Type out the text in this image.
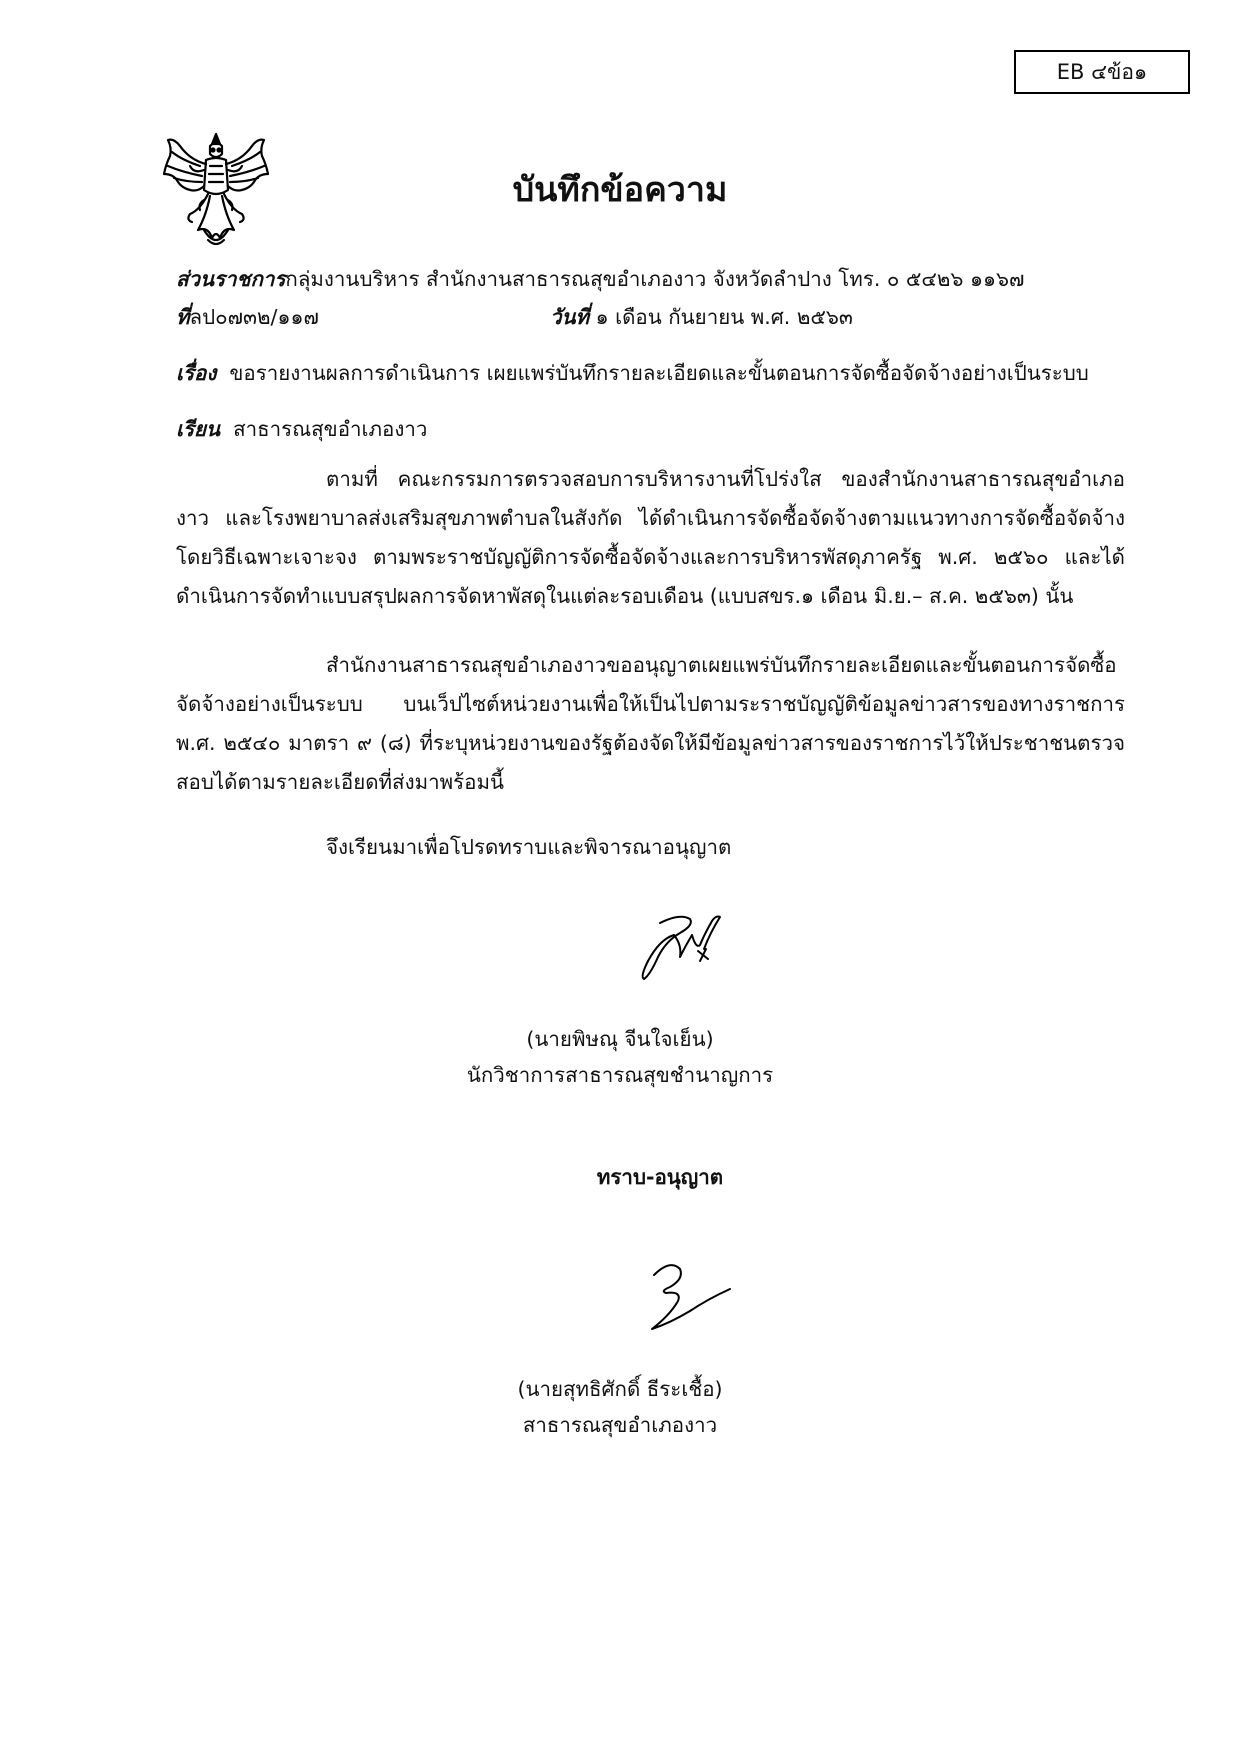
EB ๔ข้อ๑
บันทึกข้อความ
ส่วนราชการกลุ่มงานบริหาร สำนักงานสาธารณสุขอำเภองาว จังหวัดลำปาง โทร. ๐ ๕๔๒๖ ๑๑๖๗
ที่ลป๐๗๓๒/๑๑๗	วันที่ ๑ เดือน กันยายน พ.ศ. ๒๕๖๓
เรื่อง ขอรายงานผลการดำเนินการ เผยแพร่บันทึกรายละเอียดและขั้นตอนการจัดซื้อจัดจ้างอย่างเป็นระบบ
เรียน สาธารณสุขอำเภองาว
ตามที่ คณะกรรมการตรวจสอบการบริหารงานที่โปร่งใส ของสำนักงานสาธารณสุขอำเภองาว และโรงพยาบาลส่งเสริมสุขภาพตำบลในสังกัด ได้ดำเนินการจัดซื้อจัดจ้างตามแนวทางการจัดซื้อจัดจ้างโดยวิธีเฉพาะเจาะจง ตามพระราชบัญญัติการจัดซื้อจัดจ้างและการบริหารพัสดุภาครัฐ พ.ศ. ๒๕๖๐ และได้ดำเนินการจัดทำแบบสรุปผลการจัดหาพัสดุในแต่ละรอบเดือน (แบบสขร.๑ เดือน มิ.ย.– ส.ค. ๒๕๖๓) นั้น
สำนักงานสาธารณสุขอำเภองาวขออนุญาตเผยแพร่บันทึกรายละเอียดและขั้นตอนการจัดซื้อจัดจ้างอย่างเป็นระบบ บนเว็ปไซต์หน่วยงานเพื่อให้เป็นไปตามระราชบัญญัติข้อมูลข่าวสารของทางราชการ พ.ศ. ๒๕๔๐ มาตรา ๙ (๘) ที่ระบุหน่วยงานของรัฐต้องจัดให้มีข้อมูลข่าวสารของราชการไว้ให้ประชาชนตรวจสอบได้ตามรายละเอียดที่ส่งมาพร้อมนี้
จึงเรียนมาเพื่อโปรดทราบและพิจารณาอนุญาต
(นายพิษณุ จีนใจเย็น)
นักวิชาการสาธารณสุขชำนาญการ
ทราบ-อนุญาต
(นายสุทธิศักดิ์ ธีระเชื้อ)
สาธารณสุขอำเภองาว
